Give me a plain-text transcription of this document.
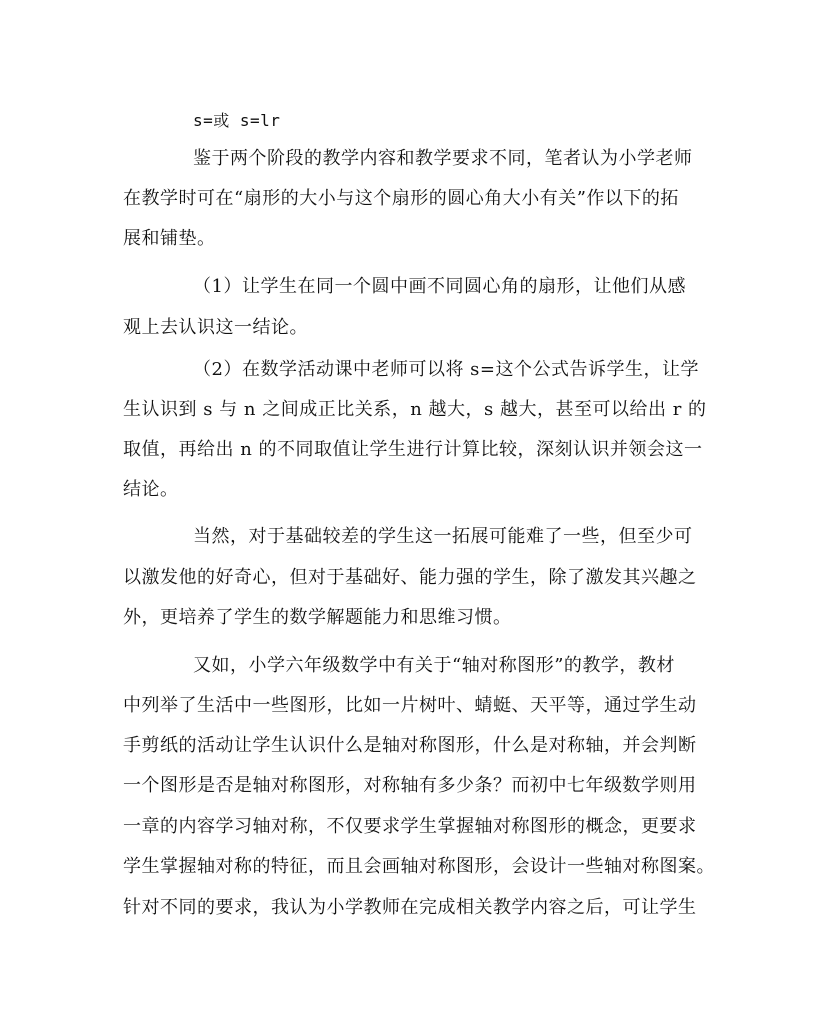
s=或 s=lr
鉴于两个阶段的教学内容和教学要求不同，笔者认为小学老师
在教学时可在“扇形的大小与这个扇形的圆心角大小有关”作以下的拓
展和铺垫。
（1）让学生在同一个圆中画不同圆心角的扇形，让他们从感
观上去认识这一结论。
（2）在数学活动课中老师可以将 s=这个公式告诉学生，让学
生认识到 s 与 n 之间成正比关系，n 越大，s 越大，甚至可以给出 r 的
取值，再给出 n 的不同取值让学生进行计算比较，深刻认识并领会这一
结论。
当然，对于基础较差的学生这一拓展可能难了一些，但至少可
以激发他的好奇心，但对于基础好、能力强的学生，除了激发其兴趣之
外，更培养了学生的数学解题能力和思维习惯。
又如，小学六年级数学中有关于“轴对称图形”的教学，教材
中列举了生活中一些图形，比如一片树叶、蜻蜓、天平等，通过学生动
手剪纸的活动让学生认识什么是轴对称图形，什么是对称轴，并会判断
一个图形是否是轴对称图形，对称轴有多少条？而初中七年级数学则用
一章的内容学习轴对称，不仅要求学生掌握轴对称图形的概念，更要求
学生掌握轴对称的特征，而且会画轴对称图形，会设计一些轴对称图案。
针对不同的要求，我认为小学教师在完成相关教学内容之后，可让学生
